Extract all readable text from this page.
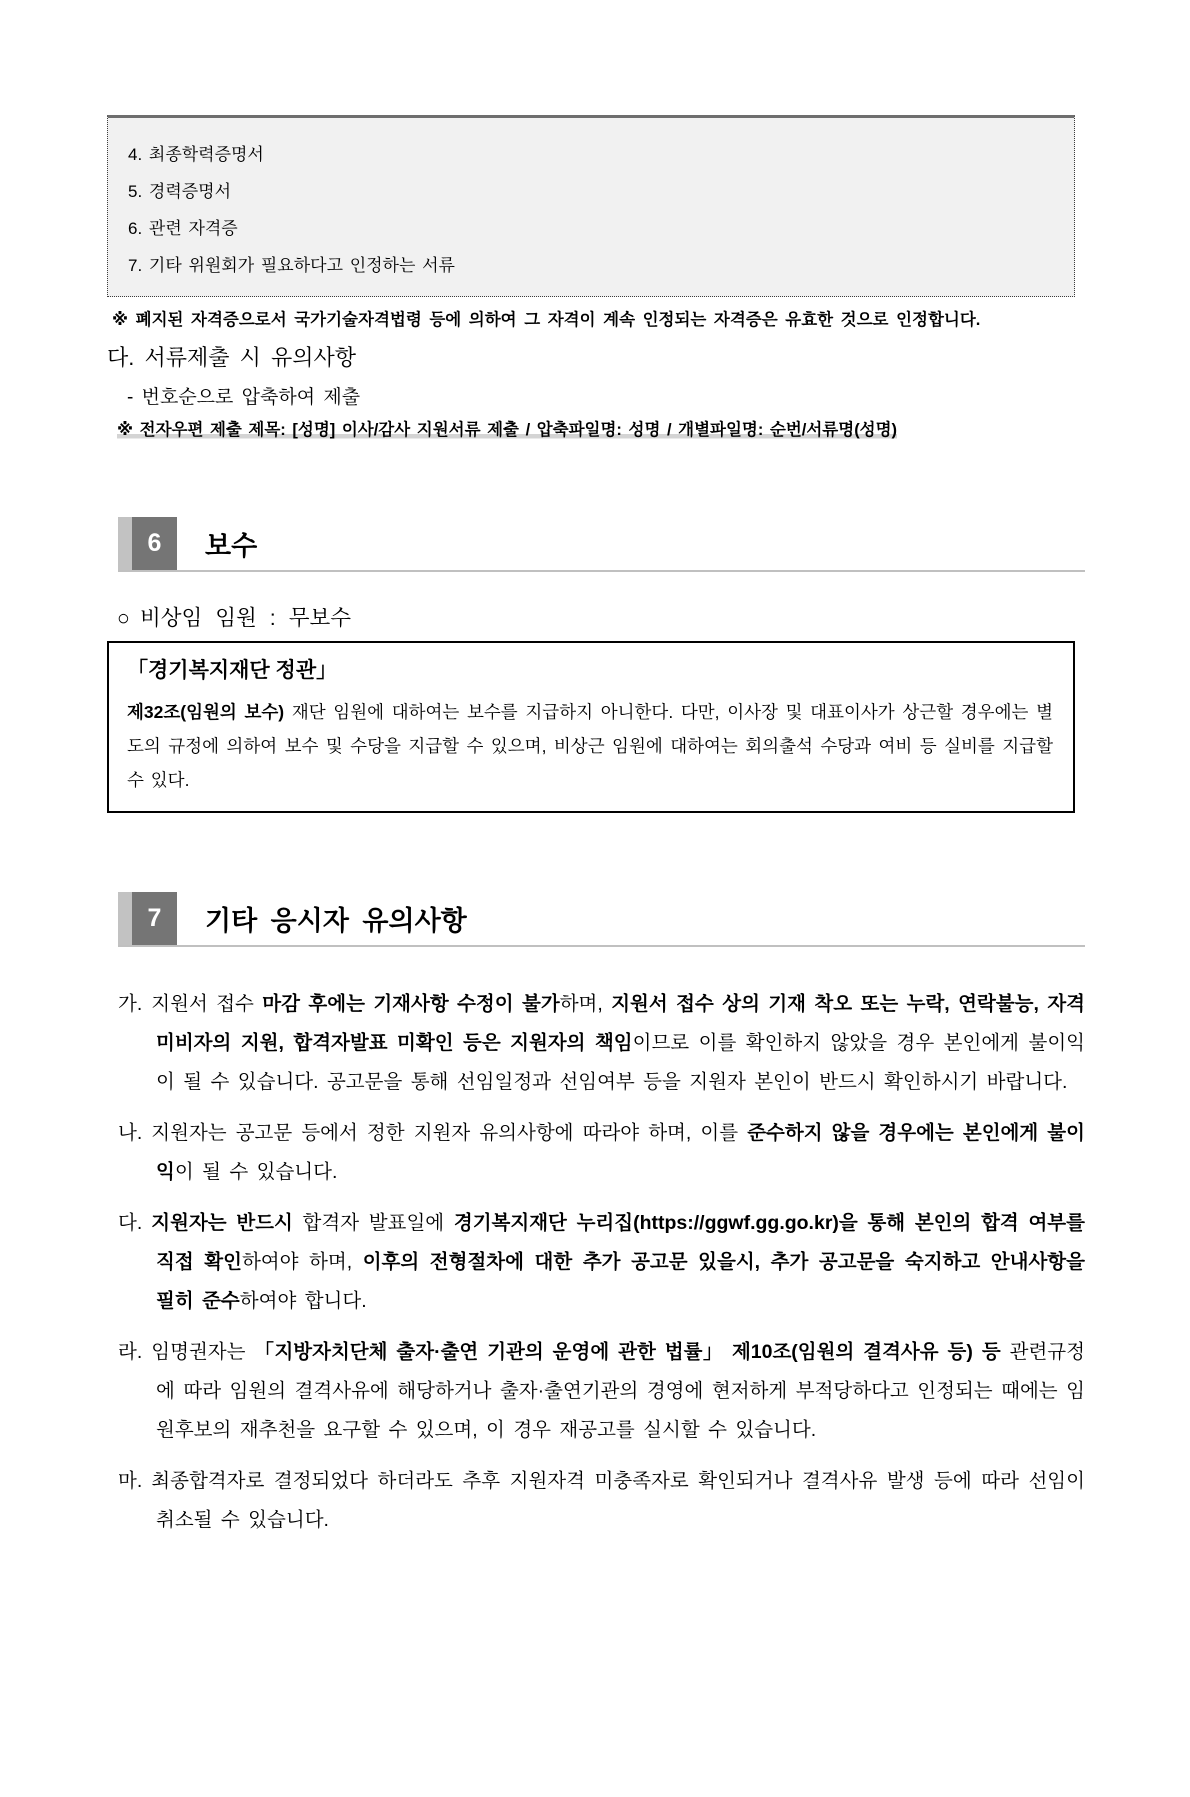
4. 최종학력증명서
5. 경력증명서
6. 관련 자격증
7. 기타 위원회가 필요하다고 인정하는 서류
※ 폐지된 자격증으로서 국가기술자격법령 등에 의하여 그 자격이 계속 인정되는 자격증은 유효한 것으로 인정합니다.
다. 서류제출 시 유의사항
- 번호순으로 압축하여 제출
※ 전자우편 제출 제목: [성명] 이사/감사 지원서류 제출 / 압축파일명: 성명 / 개별파일명: 순번/서류명(성명)
6	보수
○ 비상임 임원 : 무보수
「경기복지재단 정관」
제32조(임원의 보수) 재단 임원에 대하여는 보수를 지급하지 아니한다. 다만, 이사장 및 대표이사가 상근할 경우에는 별도의 규정에 의하여 보수 및 수당을 지급할 수 있으며, 비상근 임원에 대하여는 회의출석 수당과 여비 등 실비를 지급할 수 있다.
7	기타 응시자 유의사항
가. 지원서 접수 마감 후에는 기재사항 수정이 불가하며, 지원서 접수 상의 기재 착오 또는 누락, 연락불능, 자격미비자의 지원, 합격자발표 미확인 등은 지원자의 책임이므로 이를 확인하지 않았을 경우 본인에게 불이익이 될 수 있습니다. 공고문을 통해 선임일정과 선임여부 등을 지원자 본인이 반드시 확인하시기 바랍니다.
나. 지원자는 공고문 등에서 정한 지원자 유의사항에 따라야 하며, 이를 준수하지 않을 경우에는 본인에게 불이익이 될 수 있습니다.
다. 지원자는 반드시 합격자 발표일에 경기복지재단 누리집(https://ggwf.gg.go.kr)을 통해 본인의 합격 여부를 직접 확인하여야 하며, 이후의 전형절차에 대한 추가 공고문 있을시, 추가 공고문을 숙지하고 안내사항을 필히 준수하여야 합니다.
라. 임명권자는 「지방자치단체 출자·출연 기관의 운영에 관한 법률」 제10조(임원의 결격사유 등) 등 관련규정에 따라 임원의 결격사유에 해당하거나 출자·출연기관의 경영에 현저하게 부적당하다고 인정되는 때에는 임원후보의 재추천을 요구할 수 있으며, 이 경우 재공고를 실시할 수 있습니다.
마. 최종합격자로 결정되었다 하더라도 추후 지원자격 미충족자로 확인되거나 결격사유 발생 등에 따라 선임이 취소될 수 있습니다.
